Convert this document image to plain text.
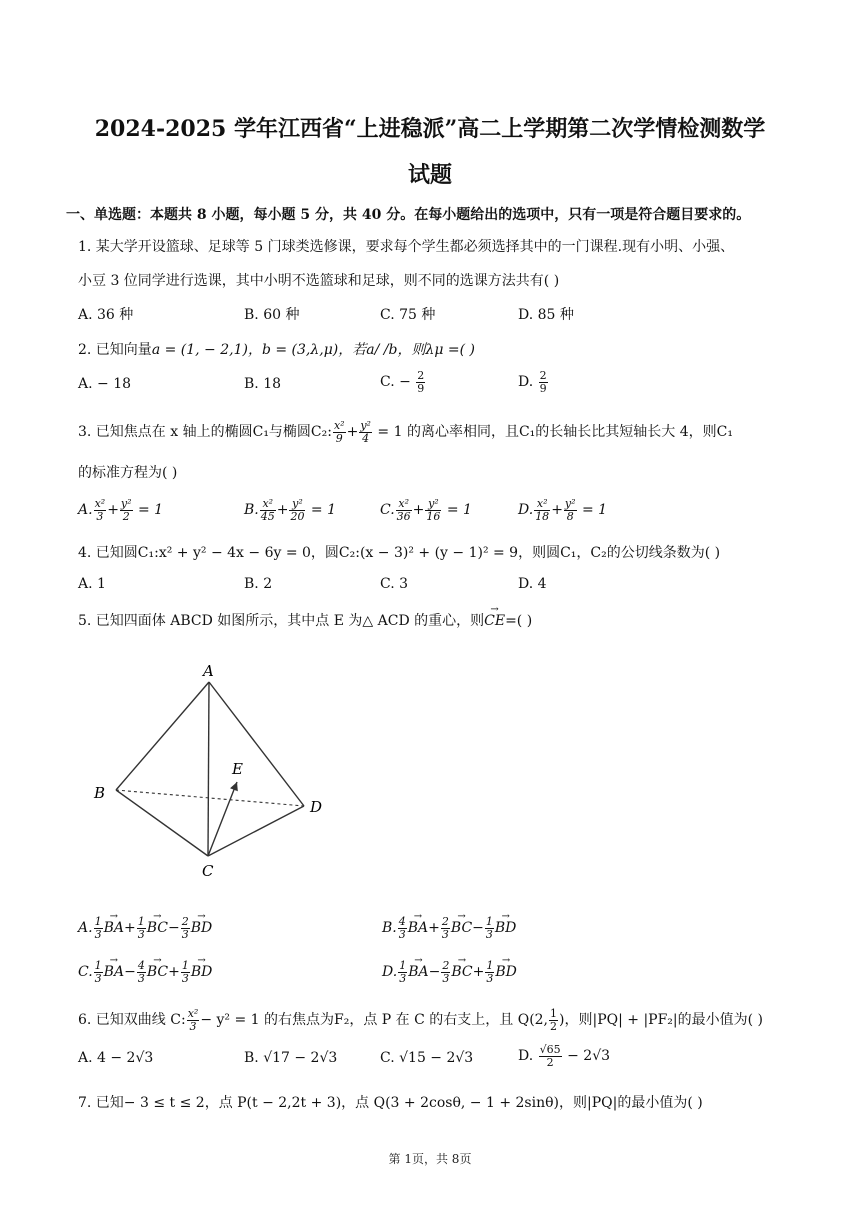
2024-2025 学年江西省“上进稳派”高二上学期第二次学情检测数学
试题
一、单选题：本题共 8 小题，每小题 5 分，共 40 分。在每小题给出的选项中，只有一项是符合题目要求的。
1. 某大学开设篮球、足球等 5 门球类选修课，要求每个学生都必须选择其中的一门课程.现有小明、小强、
小豆 3 位同学进行选课，其中小明不选篮球和足球，则不同的选课方法共有( )
A. 36 种	B. 60 种	C. 75 种	D. 85 种
2. 已知向量a = (1, − 2,1)，b = (3,λ,μ)，若a/ /b，则λμ =( )
A. − 18	B. 18	C. − $\frac{2}{9}$	D. $\frac{2}{9}$
3. 已知焦点在 x 轴上的椭圆C₁与椭圆C₂: $\frac{\text{x²}}{9} + \frac{\text{y²}}{4} = 1$ 的离心率相同，且C₁的长轴长比其短轴长大 4，则C₁
的标准方程为( )
A. $\frac{\text{x²}}{3} + \frac{\text{y²}}{2} = 1$	B. $\frac{\text{x²}}{45} + \frac{\text{y²}}{20} = 1$	C. $\frac{\text{x²}}{36} + \frac{\text{y²}}{16} = 1$	D. $\frac{\text{x²}}{18} + \frac{\text{y²}}{8} = 1$
4. 已知圆C₁:x² + y² − 4x − 6y = 0，圆C₂:(x − 3)² + (y − 1)² = 9，则圆C₁，C₂的公切线条数为( )
A. 1	B. 2	C. 3	D. 4
5. 已知四面体 ABCD 如图所示，其中点 E 为△ ACD 的重心，则→ CE=( )
A
B
C
D
E
A. $\frac{1}{3}$
→ $BA+ \frac{1}{3}$
→ $BC- \frac{2}{3}$
→ BD	B. $\frac{4}{3}$
→ $BA+ \frac{2}{3}$
→ $BC- \frac{1}{3}$
→ BD
C. $\frac{1}{3}$
→ $BA- \frac{4}{3}$
→ $BC+ \frac{1}{3}$
→ BD	D. $\frac{1}{3}$
→ $BA- \frac{2}{3}$
→ $BC+ \frac{1}{3}$
→ BD
6. 已知双曲线 C: $\frac{\text{x²}}{3} - y^2 = 1$ 的右焦点为F₂，点 P 在 C 的右支上，且 Q(2, $\frac{1}{2}$ )，则|PQ| + |PF₂|的最小值为( )
A. 4 − 2√3	B. √17 − 2√3	C. √15 − 2√3	D. $\frac{√65}{2} - 2√3$
7. 已知− 3 ≤ t ≤ 2，点 P(t − 2,2t + 3)，点 Q(3 + 2cosθ, − 1 + 2sinθ)，则|PQ|的最小值为( )
第 1页，共 8页
